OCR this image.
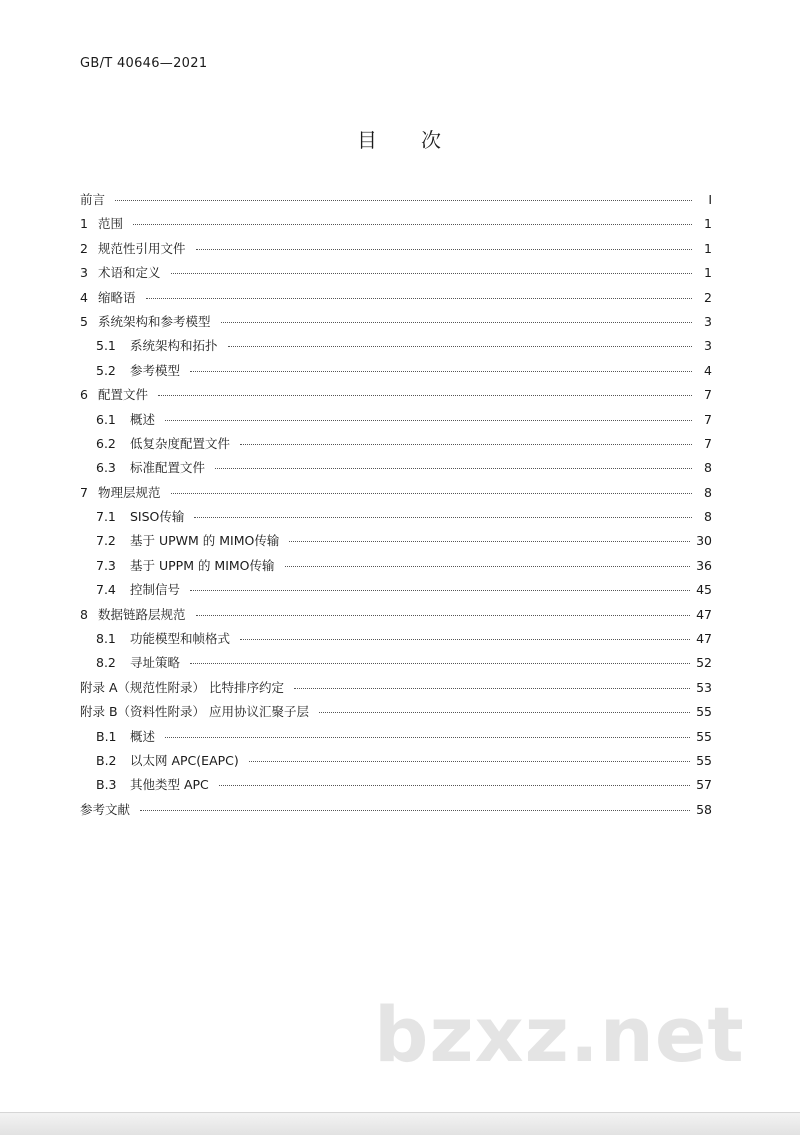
GB/T 40646—2021
目 次
前言	I
1 范围	1
2 规范性引用文件	1
3 术语和定义	1
4 缩略语	2
5 系统架构和参考模型	3
5.1	系统架构和拓扑	3
5.2	参考模型	4
6 配置文件	7
6.1	概述	7
6.2	低复杂度配置文件	7
6.3	标准配置文件	8
7 物理层规范	8
7.1	SISO传输	8
7.2	基于 UPWM 的 MIMO传输	30
7.3	基于 UPPM 的 MIMO传输	36
7.4	控制信号	45
8 数据链路层规范	47
8.1	功能模型和帧格式	47
8.2	寻址策略	52
附录 A（规范性附录） 比特排序约定	53
附录 B（资料性附录） 应用协议汇聚子层	55
B.1	概述	55
B.2	以太网 APC(EAPC)	55
B.3	其他类型 APC	57
参考文献	58
bzxz.net
